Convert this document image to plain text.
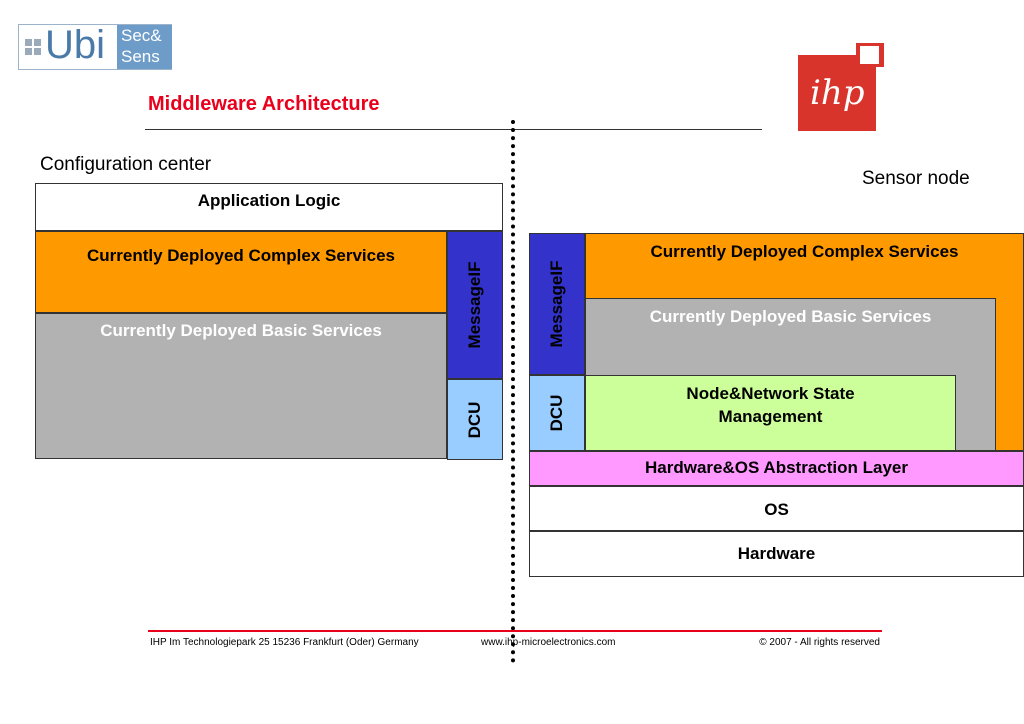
Ubi Sec&
Sens
ihp
Middleware Architecture
Configuration center
Application Logic
Currently Deployed Complex Services
Currently Deployed Basic Services	MessageIF
DCU
Sensor node
Currently Deployed Complex Services
Currently Deployed Basic Services
Node&Network State Management
MessageIF
DCU
Hardware&OS Abstraction Layer
OS
Hardware
IHP Im Technologiepark 25 15236 Frankfurt (Oder) Germany	www.ihp-microelectronics.com	© 2007 - All rights reserved
